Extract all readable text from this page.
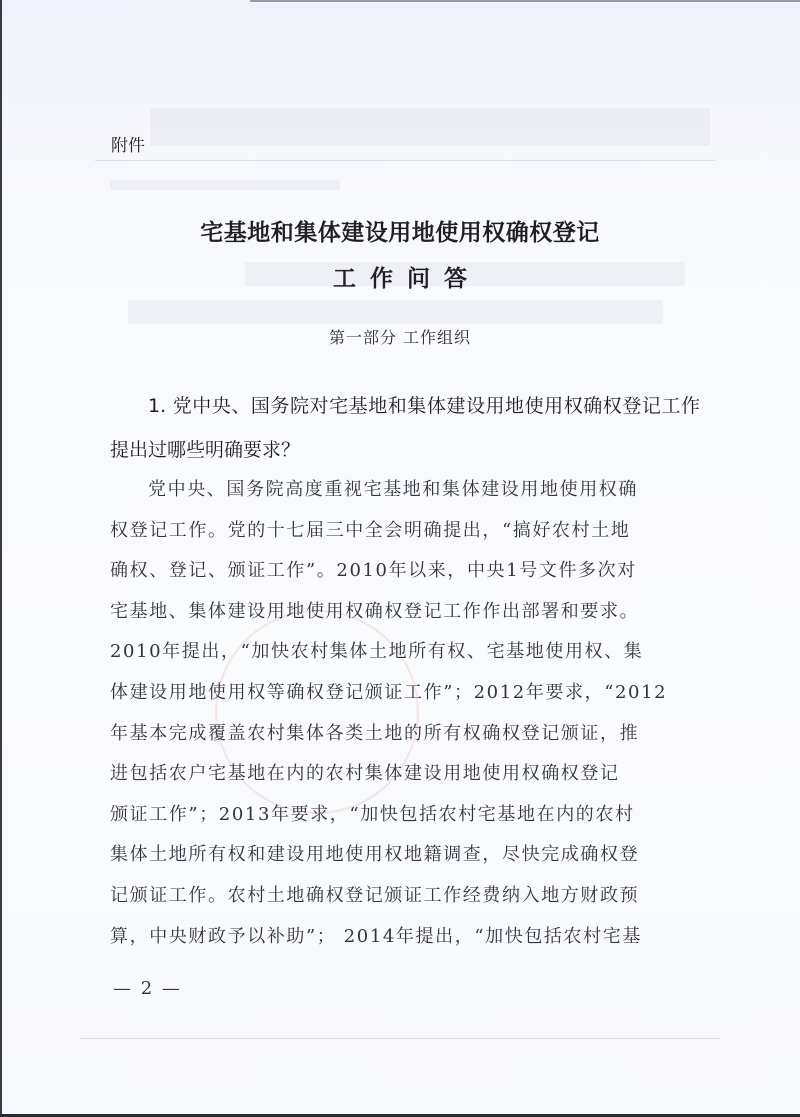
附件
宅基地和集体建设用地使用权确权登记
工作问答
第一部分 工作组织
1. 党中央、国务院对宅基地和集体建设用地使用权确权登记工作提出过哪些明确要求？
党中央、国务院高度重视宅基地和集体建设用地使用权确
权登记工作。党的十七届三中全会明确提出，“搞好农村土地
确权、登记、颁证工作”。2010年以来，中央1号文件多次对
宅基地、集体建设用地使用权确权登记工作作出部署和要求。
2010年提出，“加快农村集体土地所有权、宅基地使用权、集
体建设用地使用权等确权登记颁证工作”；2012年要求，“2012
年基本完成覆盖农村集体各类土地的所有权确权登记颁证，推
进包括农户宅基地在内的农村集体建设用地使用权确权登记
颁证工作”；2013年要求，“加快包括农村宅基地在内的农村
集体土地所有权和建设用地使用权地籍调查，尽快完成确权登
记颁证工作。农村土地确权登记颁证工作经费纳入地方财政预
算，中央财政予以补助”； 2014年提出，“加快包括农村宅基
— 2 —
